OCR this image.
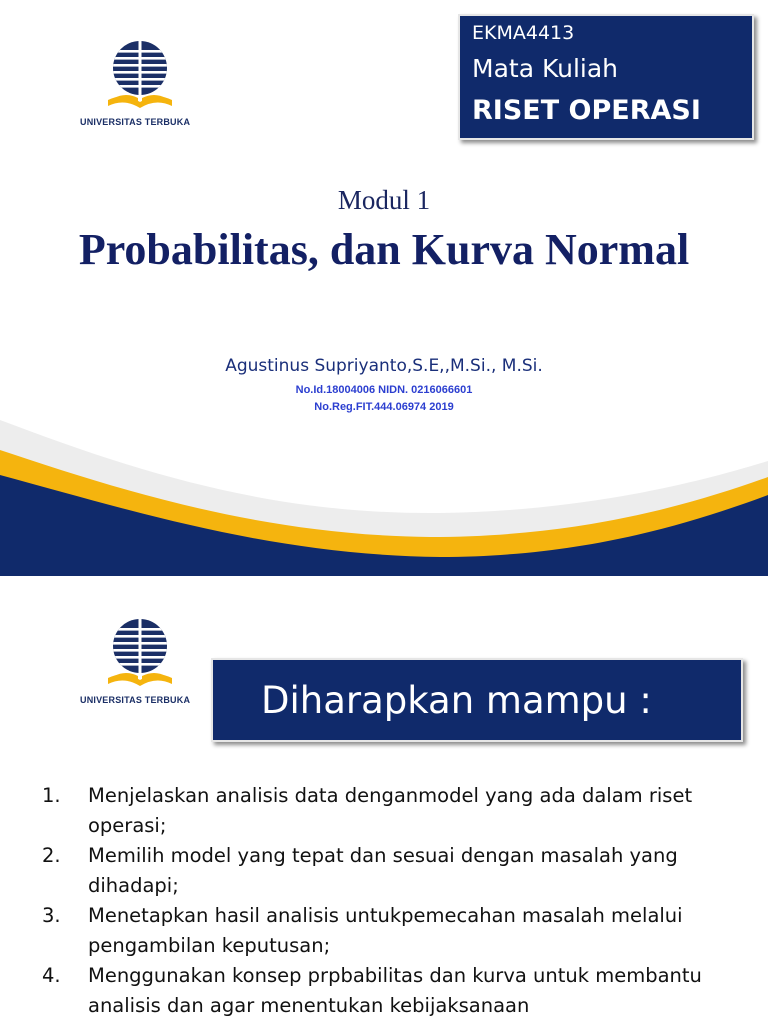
UNIVERSITAS TERBUKA
EKMA4413
Mata Kuliah
RISET OPERASI
Modul 1
Probabilitas, dan Kurva Normal
Agustinus Supriyanto,S.E,,M.Si., M.Si.
No.Id.18004006 NIDN. 0216066601
No.Reg.FIT.444.06974 2019
UNIVERSITAS TERBUKA Diharapkan mampu :
1. Menjelaskan analisis data denganmodel yang ada dalam riset operasi;
2. Memilih model yang tepat dan sesuai dengan masalah yang dihadapi;
3. Menetapkan hasil analisis untukpemecahan masalah melalui pengambilan keputusan;
4. Menggunakan konsep prpbabilitas dan kurva untuk membantu analisis dan agar menentukan kebijaksanaan
